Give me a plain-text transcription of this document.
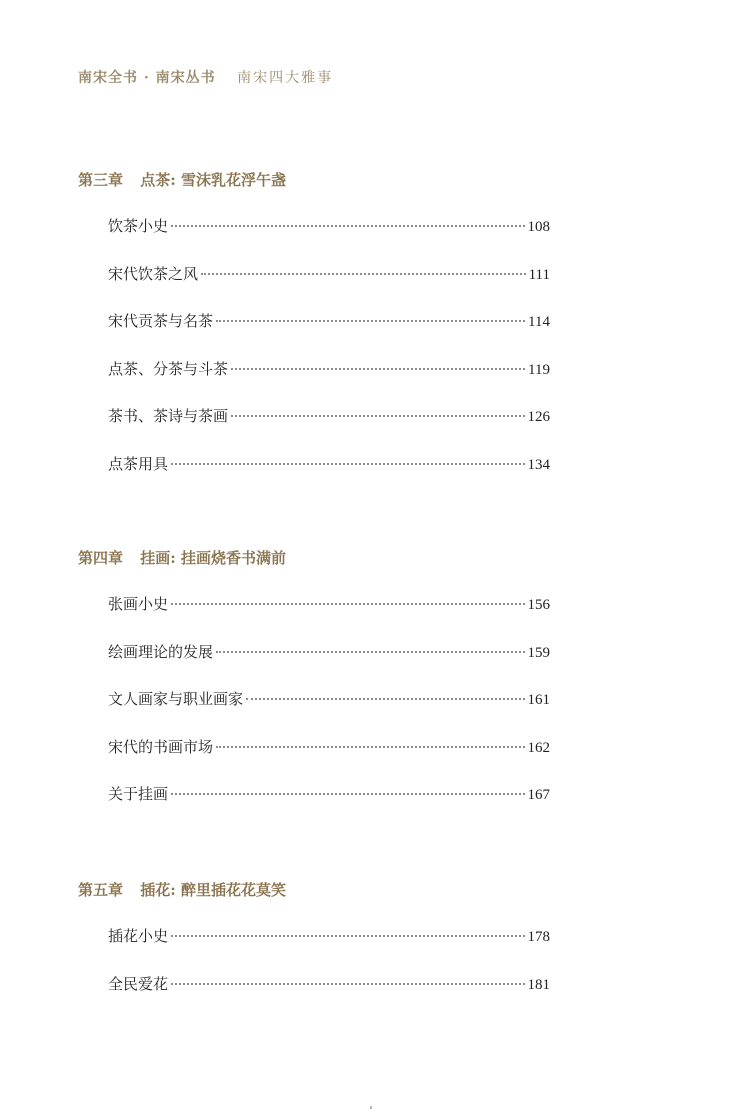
南宋全书 · 南宋丛书 南宋四大雅事
第三章 点茶: 雪沫乳花浮午盏
饮茶小史	108
宋代饮茶之风	111
宋代贡茶与名茶	114
点茶、分茶与斗茶	119
茶书、茶诗与茶画	126
点茶用具	134
第四章 挂画: 挂画烧香书满前
张画小史	156
绘画理论的发展	159
文人画家与职业画家	161
宋代的书画市场	162
关于挂画	167
第五章 插花: 醉里插花花莫笑
插花小史	178
全民爱花	181
